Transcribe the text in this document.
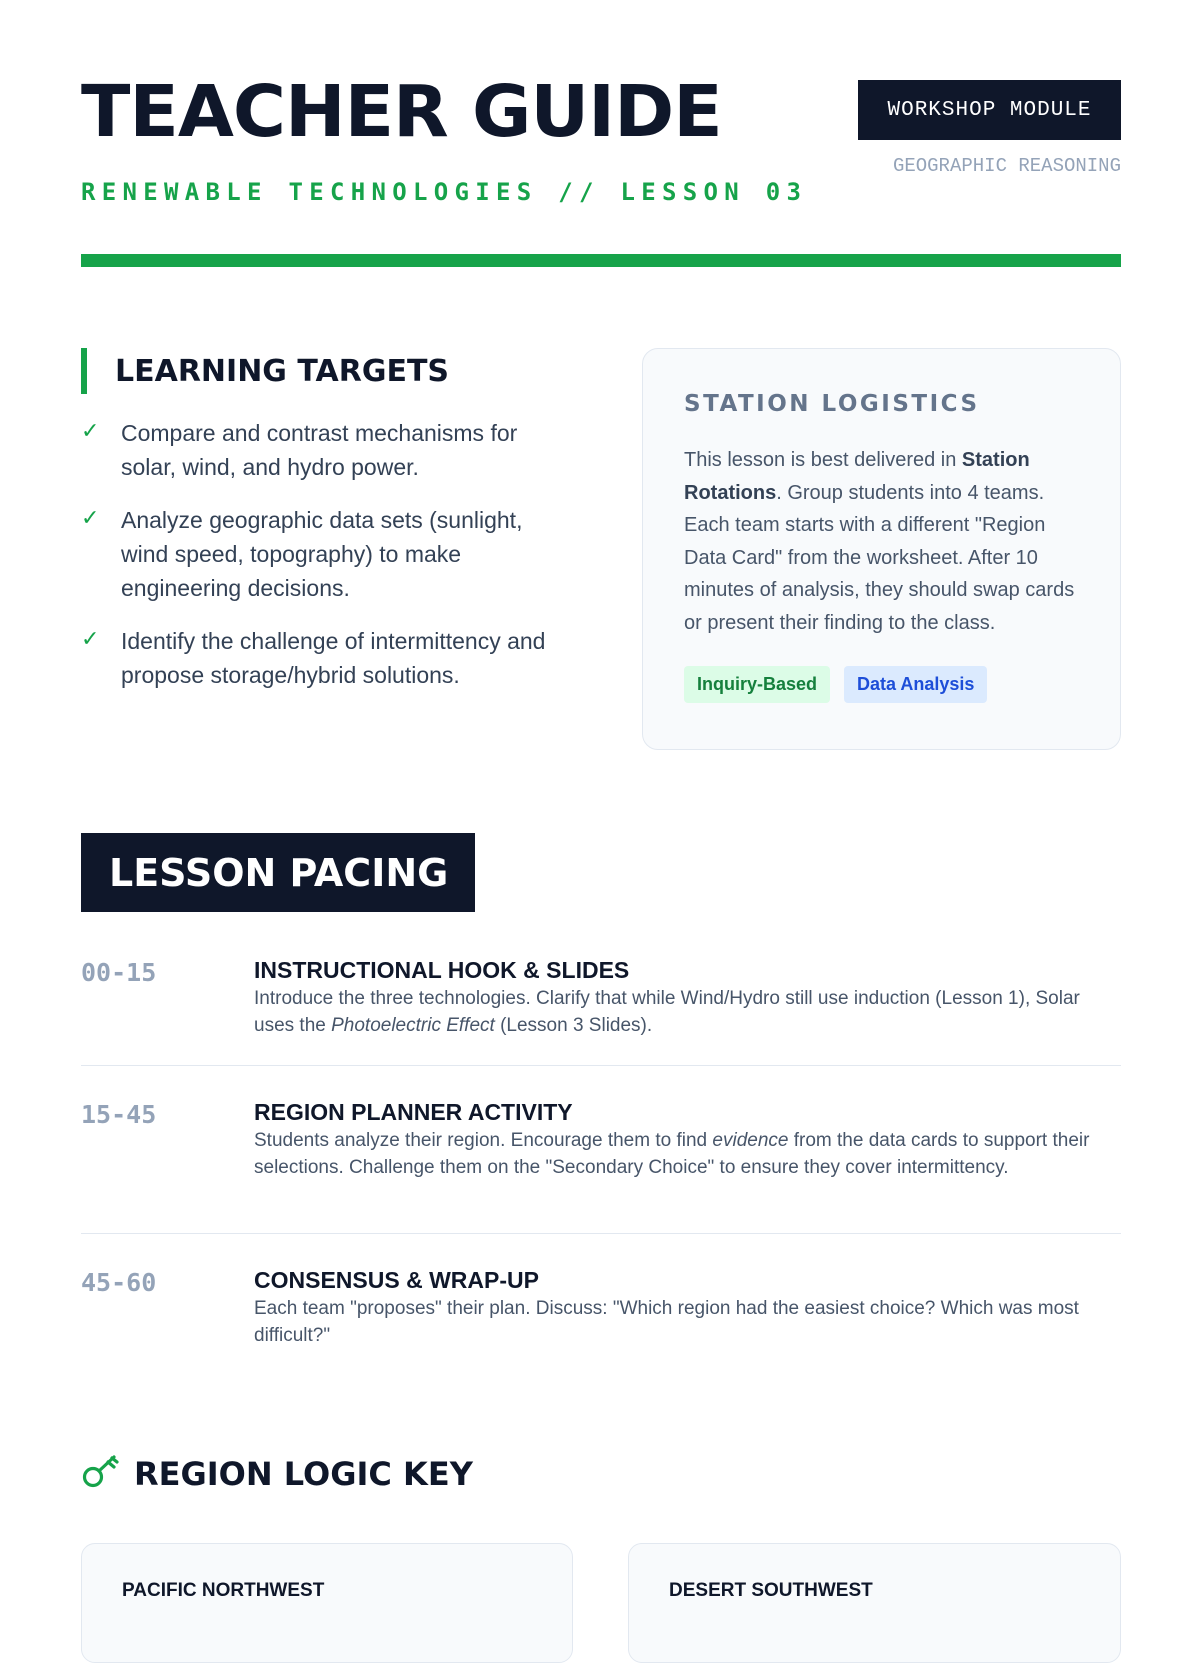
TEACHER GUIDE
RENEWABLE TECHNOLOGIES // LESSON 03
WORKSHOP MODULE
GEOGRAPHIC REASONING
LEARNING TARGETS
✓ Compare and contrast mechanisms for solar, wind, and hydro power.
✓ Analyze geographic data sets (sunlight, wind speed, topography) to make engineering decisions.
✓ Identify the challenge of intermittency and propose storage/hybrid solutions.
STATION LOGISTICS
This lesson is best delivered in Station Rotations. Group students into 4 teams. Each team starts with a different "Region Data Card" from the worksheet. After 10 minutes of analysis, they should swap cards or present their finding to the class.
Inquiry-Based	Data Analysis
LESSON PACING
00-15	INSTRUCTIONAL HOOK & SLIDES
Introduce the three technologies. Clarify that while Wind/Hydro still use induction (Lesson 1), Solar uses the Photoelectric Effect (Lesson 3 Slides).
15-45	REGION PLANNER ACTIVITY
Students analyze their region. Encourage them to find evidence from the data cards to support their selections. Challenge them on the "Secondary Choice" to ensure they cover intermittency.
45-60	CONSENSUS & WRAP-UP
Each team "proposes" their plan. Discuss: "Which region had the easiest choice? Which was most difficult?"
REGION LOGIC KEY
PACIFIC NORTHWEST	DESERT SOUTHWEST
